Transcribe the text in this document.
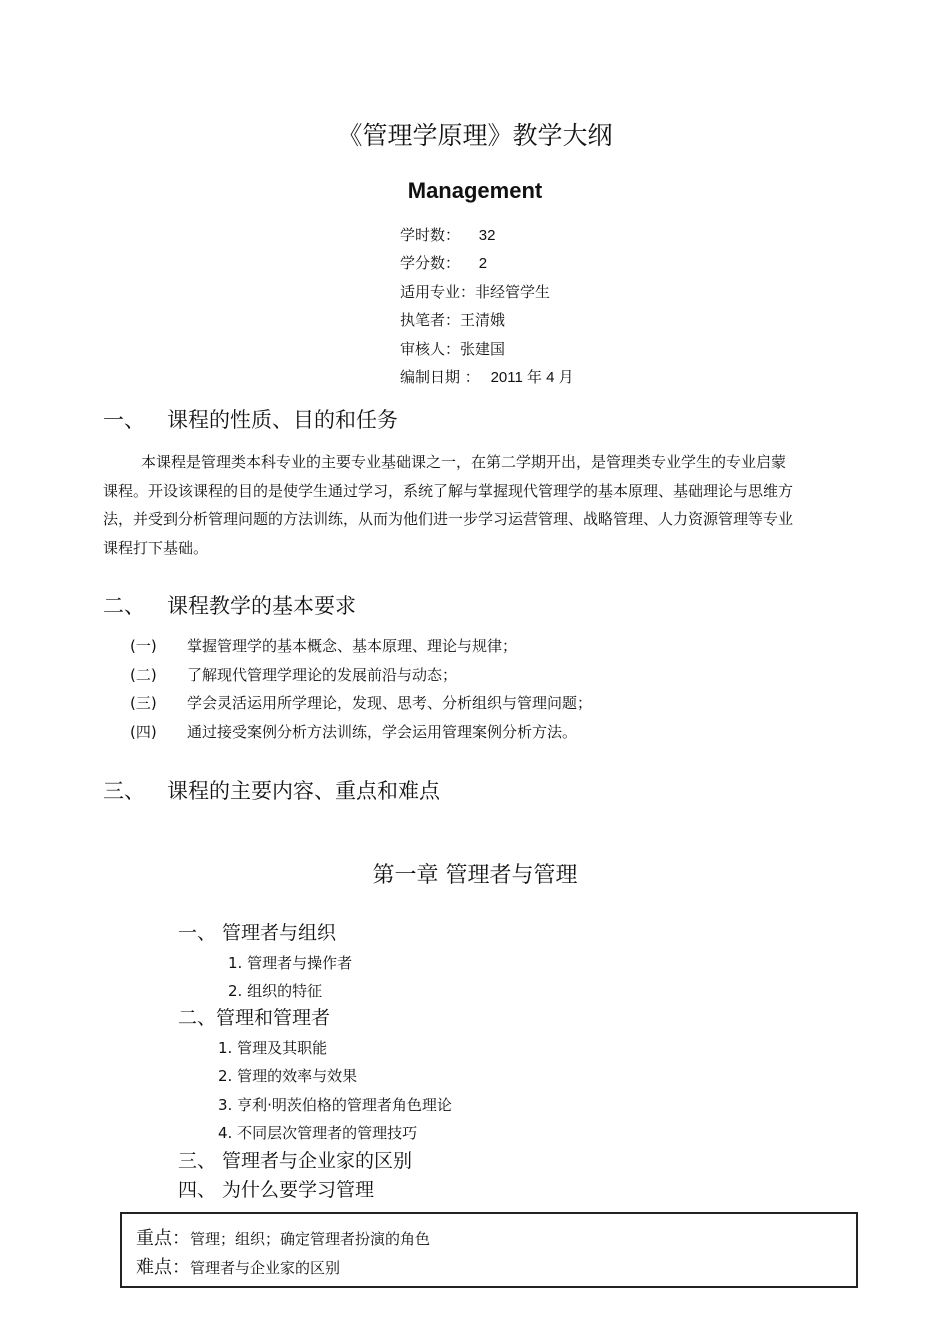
《管理学原理》教学大纲
Management
学时数： 32
学分数： 2
适用专业：非经管学生
执笔者：王清娥
审核人：张建国
编制日期 ： 2011 年 4 月
一、 课程的性质、目的和任务
本课程是管理类本科专业的主要专业基础课之一，在第二学期开出，是管理类专业学生的专业启蒙课程。开设该课程的目的是使学生通过学习，系统了解与掌握现代管理学的基本原理、基础理论与思维方法，并受到分析管理问题的方法训练，从而为他们进一步学习运营管理、战略管理、人力资源管理等专业课程打下基础。
二、 课程教学的基本要求
(一) 掌握管理学的基本概念、基本原理、理论与规律；
(二) 了解现代管理学理论的发展前沿与动态；
(三) 学会灵活运用所学理论，发现、思考、分析组织与管理问题；
(四) 通过接受案例分析方法训练，学会运用管理案例分析方法。
三、 课程的主要内容、重点和难点
第一章 管理者与管理
一、 管理者与组织
1. 管理者与操作者
2. 组织的特征
二、管理和管理者
1. 管理及其职能
2. 管理的效率与效果
3. 亨利·明茨伯格的管理者角色理论
4. 不同层次管理者的管理技巧
三、 管理者与企业家的区别
四、 为什么要学习管理
重点：管理；组织；确定管理者扮演的角色
难点：管理者与企业家的区别
